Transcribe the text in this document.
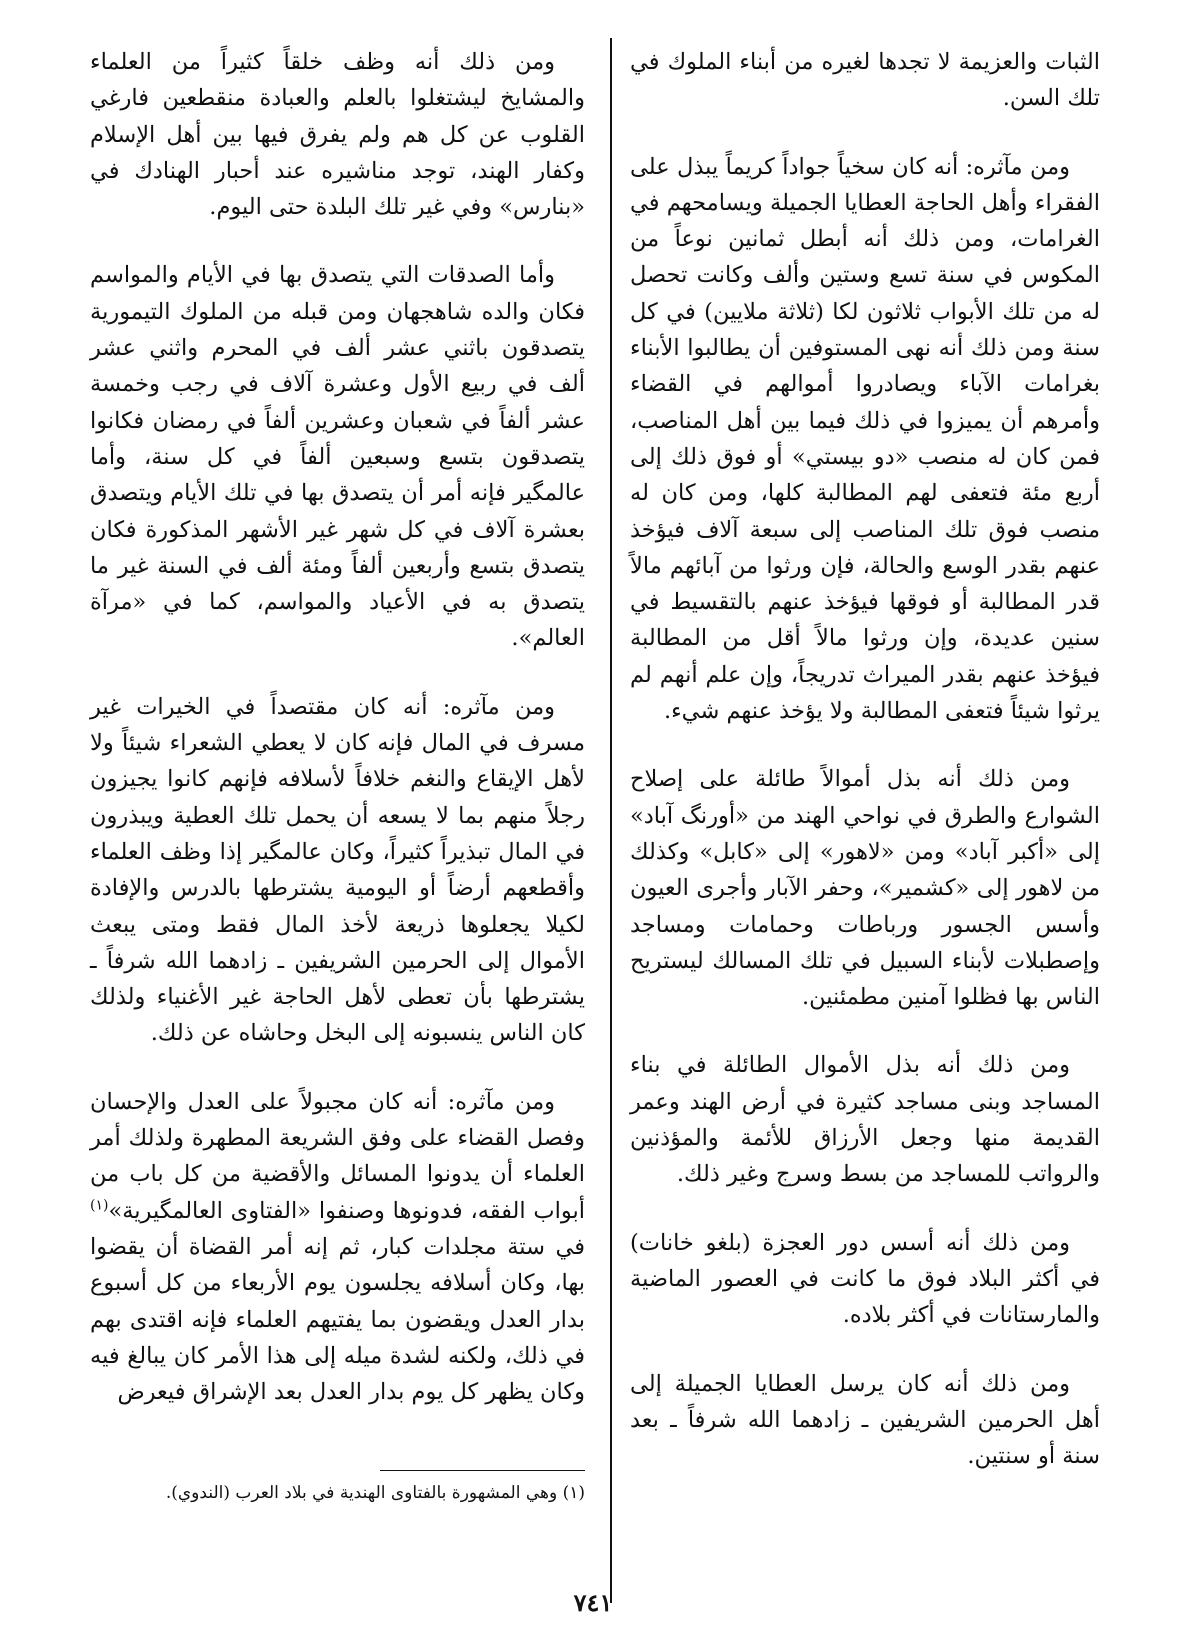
الثبات والعزيمة لا تجدها لغيره من أبناء الملوك في تلك السن.

ومن مآثره: أنه كان سخياً جواداً كريماً يبذل على الفقراء وأهل الحاجة العطايا الجميلة ويسامحهم في الغرامات، ومن ذلك أنه أبطل ثمانين نوعاً من المكوس في سنة تسع وستين وألف وكانت تحصل له من تلك الأبواب ثلاثون لكا (ثلاثة ملايين) في كل سنة ومن ذلك أنه نهى المستوفين أن يطالبوا الأبناء بغرامات الآباء ويصادروا أموالهم في القضاء وأمرهم أن يميزوا في ذلك فيما بين أهل المناصب، فمن كان له منصب «دو بيستي» أو فوق ذلك إلى أربع مئة فتعفى لهم المطالبة كلها، ومن كان له منصب فوق تلك المناصب إلى سبعة آلاف فيؤخذ عنهم بقدر الوسع والحالة، فإن ورثوا من آبائهم مالاً قدر المطالبة أو فوقها فيؤخذ عنهم بالتقسيط في سنين عديدة، وإن ورثوا مالاً أقل من المطالبة فيؤخذ عنهم بقدر الميراث تدريجاً، وإن علم أنهم لم يرثوا شيئاً فتعفى المطالبة ولا يؤخذ عنهم شيء.

ومن ذلك أنه بذل أموالاً طائلة على إصلاح الشوارع والطرق في نواحي الهند من «أورنگ آباد» إلى «أكبر آباد» ومن «لاهور» إلى «كابل» وكذلك من لاهور إلى «كشمير»، وحفر الآبار وأجرى العيون وأسس الجسور ورباطات وحمامات ومساجد وإصطبلات لأبناء السبيل في تلك المسالك ليستريح الناس بها فظلوا آمنين مطمئنين.

ومن ذلك أنه بذل الأموال الطائلة في بناء المساجد وبنى مساجد كثيرة في أرض الهند وعمر القديمة منها وجعل الأرزاق للأئمة والمؤذنين والرواتب للمساجد من بسط وسرج وغير ذلك.

ومن ذلك أنه أسس دور العجزة (بلغو خانات) في أكثر البلاد فوق ما كانت في العصور الماضية والمارستانات في أكثر بلاده.

ومن ذلك أنه كان يرسل العطايا الجميلة إلى أهل الحرمين الشريفين ـ زادهما الله شرفاً ـ بعد سنة أو سنتين.

ومن ذلك أنه وظف خلقاً كثيراً من العلماء والمشايخ ليشتغلوا بالعلم والعبادة منقطعين فارغي القلوب عن كل هم ولم يفرق فيها بين أهل الإسلام وكفار الهند، توجد مناشيره عند أحبار الهنادك في «بنارس» وفي غير تلك البلدة حتى اليوم.

وأما الصدقات التي يتصدق بها في الأيام والمواسم فكان والده شاهجهان ومن قبله من الملوك التيمورية يتصدقون باثني عشر ألف في المحرم واثني عشر ألف في ربيع الأول وعشرة آلاف في رجب وخمسة عشر ألفاً في شعبان وعشرين ألفاً في رمضان فكانوا يتصدقون بتسع وسبعين ألفاً في كل سنة، وأما عالمگير فإنه أمر أن يتصدق بها في تلك الأيام ويتصدق بعشرة آلاف في كل شهر غير الأشهر المذكورة فكان يتصدق بتسع وأربعين ألفاً ومئة ألف في السنة غير ما يتصدق به في الأعياد والمواسم، كما في «مرآة العالم».

ومن مآثره: أنه كان مقتصداً في الخيرات غير مسرف في المال فإنه كان لا يعطي الشعراء شيئاً ولا لأهل الإيقاع والنغم خلافاً لأسلافه فإنهم كانوا يجيزون رجلاً منهم بما لا يسعه أن يحمل تلك العطية ويبذرون في المال تبذيراً كثيراً، وكان عالمگير إذا وظف العلماء وأقطعهم أرضاً أو اليومية يشترطها بالدرس والإفادة لكيلا يجعلوها ذريعة لأخذ المال فقط ومتى يبعث الأموال إلى الحرمين الشريفين ـ زادهما الله شرفاً ـ يشترطها بأن تعطى لأهل الحاجة غير الأغنياء ولذلك كان الناس ينسبونه إلى البخل وحاشاه عن ذلك.

ومن مآثره: أنه كان مجبولاً على العدل والإحسان وفصل القضاء على وفق الشريعة المطهرة ولذلك أمر العلماء أن يدونوا المسائل والأقضية من كل باب من أبواب الفقه، فدونوها وصنفوا «الفتاوى العالمگيرية»$^{(١)}$ في ستة مجلدات كبار، ثم إنه أمر القضاة أن يقضوا بها، وكان أسلافه يجلسون يوم الأربعاء من كل أسبوع بدار العدل ويقضون بما يفتيهم العلماء فإنه اقتدى بهم في ذلك، ولكنه لشدة ميله إلى هذا الأمر كان يبالغ فيه وكان يظهر كل يوم بدار العدل بعد الإشراق فيعرض

(١) وهي المشهورة بالفتاوى الهندية في بلاد العرب (الندوي).
٧٤١
